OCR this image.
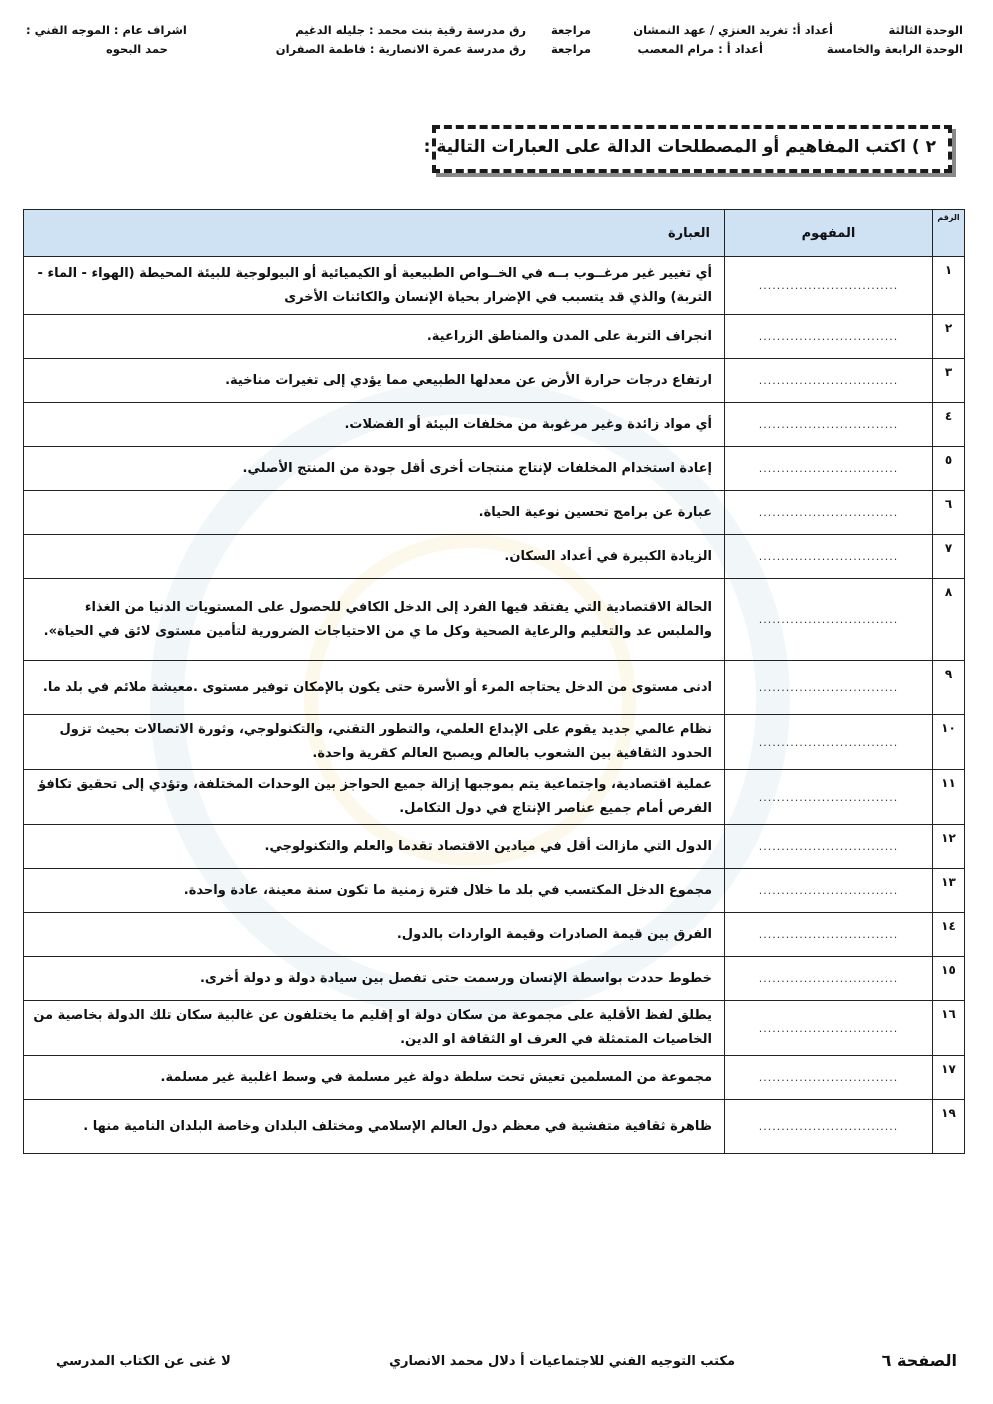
الوحدة الثالثة
أعداد أ: تغريد العنزي / عهد النمشان
مراجعة
رق مدرسة رقية بنت محمد : جليله الدغيم
اشراف عام : الموجه الفني :
الوحدة الرابعة والخامسة
أعداد أ : مرام المعصب
مراجعة
رق مدرسة عمرة الانصارية : فاطمة الصفران
حمد البحوه
٢ ) اكتب المفاهيم أو المصطلحات الدالة على العبارات التالية :
الرقم	المفهوم	العبارة
١	...............................	أي تغيير غير مرغــوب بــه في الخــواص الطبيعية أو الكيميائية أو البيولوجية للبيئة المحيطة (الهواء - الماء - التربة) والذي قد يتسبب في الإضرار بحياة الإنسان والكائنات الأخرى
٢	...............................	انجراف التربة على المدن والمناطق الزراعية.
٣	...............................	ارتفاع درجات حرارة الأرض عن معدلها الطبيعي مما يؤدي إلى تغيرات مناخية.
٤	...............................	أي مواد زائدة وغير مرغوبة من مخلفات البيئة أو الفضلات.
٥	...............................	إعادة استخدام المخلفات لإنتاج منتجات أخرى أقل جودة من المنتج الأصلي.
٦	...............................	عبارة عن برامج تحسين نوعية الحياة.
٧	...............................	الزيادة الكبيرة في أعداد السكان.
٨	...............................	الحالة الاقتصادية التي يفتقد فيها الفرد إلى الدخل الكافي للحصول على المستويات الدنيا من الغذاء والملبس عد والتعليم والرعاية الصحية وكل ما ي من الاحتياجات الضرورية لتأمين مستوى لائق في الحياة».
٩	...............................	ادنى مستوى من الدخل يحتاجه المرء أو الأسرة حتى يكون بالإمكان توفير مستوى .معيشة ملائم في بلد ما.
١٠	...............................	نظام عالمي جديد يقوم على الإبداع العلمي، والتطور التقني، والتكنولوجي، وثورة الاتصالات بحيث تزول الحدود الثقافية بين الشعوب بالعالم ويصبح العالم كقرية واحدة.
١١	...............................	عملية اقتصادية، واجتماعية يتم بموجبها إزالة جميع الحواجز بين الوحدات المختلفة، وتؤدي إلى تحقيق تكافؤ الفرص أمام جميع عناصر الإنتاج في دول التكامل.
١٢	...............................	الدول التي مازالت أقل في ميادين الاقتصاد تقدما والعلم والتكنولوجي.
١٣	...............................	مجموع الدخل المكتسب في بلد ما خلال فترة زمنية ما تكون سنة معينة، عادة واحدة.
١٤	...............................	الفرق بين قيمة الصادرات وقيمة الواردات بالدول.
١٥	...............................	خطوط حددت بواسطة الإنسان ورسمت حتى تفصل بين سيادة دولة و دولة أخرى.
١٦	...............................	يطلق لفظ الأقلية على مجموعة من سكان دولة او إقليم ما يختلفون عن غالبية سكان تلك الدولة بخاصية من الخاصيات المتمثلة في العرف او الثقافة او الدين.
١٧	...............................	مجموعة من المسلمين تعيش تحت سلطة دولة غير مسلمة في وسط اغلبية غير مسلمة.
١٩	...............................	ظاهرة ثقافية متفشية في معظم دول العالم الإسلامي ومختلف البلدان وخاصة البلدان النامية منها .
الصفحة ٦
مكتب التوجيه الفني للاجتماعيات أ دلال محمد الانصاري
لا غنى عن الكتاب المدرسي
